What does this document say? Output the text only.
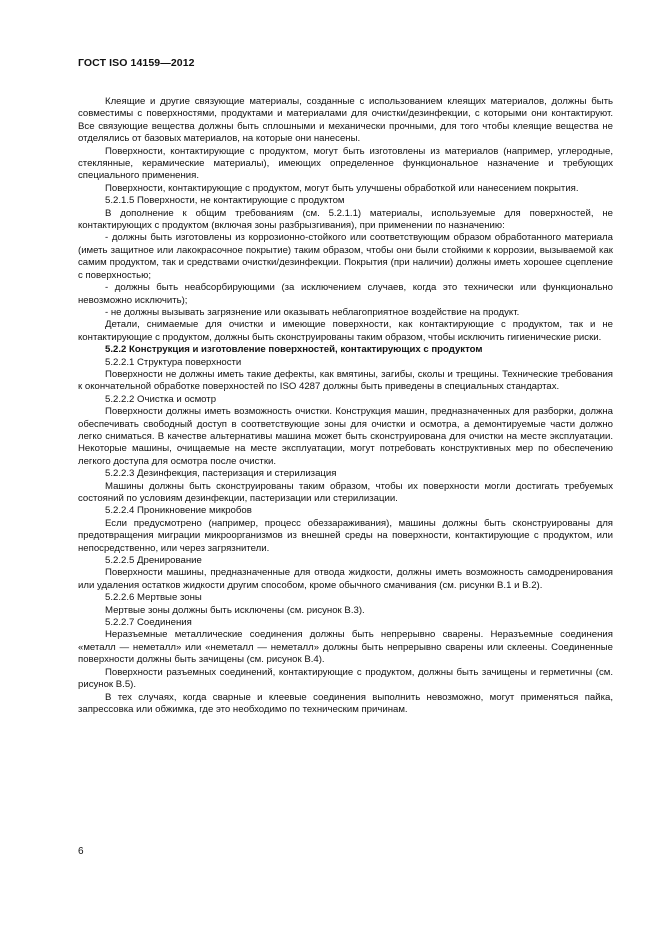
ГОСТ ISO 14159—2012

Клеящие и другие связующие материалы, созданные с использованием клеящих материалов, должны быть совместимы с поверхностями, продуктами и материалами для очистки/дезинфекции, с которыми они контактируют. Все связующие вещества должны быть сплошными и механически прочными, для того чтобы клеящие вещества не отделялись от базовых материалов, на которые они нанесены.

Поверхности, контактирующие с продуктом, могут быть изготовлены из материалов (например, углеродные, стеклянные, керамические материалы), имеющих определенное функциональное назначение и требующих специального применения.

Поверхности, контактирующие с продуктом, могут быть улучшены обработкой или нанесением покрытия.

5.2.1.5 Поверхности, не контактирующие с продуктом

В дополнение к общим требованиям (см. 5.2.1.1) материалы, используемые для поверхностей, не контактирующих с продуктом (включая зоны разбрызгивания), при применении по назначению:

- должны быть изготовлены из коррозионно-стойкого или соответствующим образом обработанного материала (иметь защитное или лакокрасочное покрытие) таким образом, чтобы они были стойкими к коррозии, вызываемой как самим продуктом, так и средствами очистки/дезинфекции. Покрытия (при наличии) должны иметь хорошее сцепление с поверхностью;

- должны быть неабсорбирующими (за исключением случаев, когда это технически или функционально невозможно исключить);

- не должны вызывать загрязнение или оказывать неблагоприятное воздействие на продукт.

Детали, снимаемые для очистки и имеющие поверхности, как контактирующие с продуктом, так и не контактирующие с продуктом, должны быть сконструированы таким образом, чтобы исключить гигиенические риски.

5.2.2 Конструкция и изготовление поверхностей, контактирующих с продуктом

5.2.2.1 Структура поверхности

Поверхности не должны иметь такие дефекты, как вмятины, загибы, сколы и трещины. Технические требования к окончательной обработке поверхностей по ISO 4287 должны быть приведены в специальных стандартах.

5.2.2.2 Очистка и осмотр

Поверхности должны иметь возможность очистки. Конструкция машин, предназначенных для разборки, должна обеспечивать свободный доступ в соответствующие зоны для очистки и осмотра, а демонтируемые части должно легко сниматься. В качестве альтернативы машина может быть сконструирована для очистки на месте эксплуатации. Некоторые машины, очищаемые на месте эксплуатации, могут потребовать конструктивных мер по обеспечению легкого доступа для осмотра после очистки.

5.2.2.3 Дезинфекция, пастеризация и стерилизация

Машины должны быть сконструированы таким образом, чтобы их поверхности могли достигать требуемых состояний по условиям дезинфекции, пастеризации или стерилизации.

5.2.2.4 Проникновение микробов

Если предусмотрено (например, процесс обеззараживания), машины должны быть сконструированы для предотвращения миграции микроорганизмов из внешней среды на поверхности, контактирующие с продуктом, или непосредственно, или через загрязнители.

5.2.2.5 Дренирование

Поверхности машины, предназначенные для отвода жидкости, должны иметь возможность самодренирования или удаления остатков жидкости другим способом, кроме обычного смачивания (см. рисунки В.1 и В.2).

5.2.2.6 Мертвые зоны

Мертвые зоны должны быть исключены (см. рисунок В.3).

5.2.2.7 Соединения

Неразъемные металлические соединения должны быть непрерывно сварены. Неразъемные соединения «металл — неметалл» или «неметалл — неметалл» должны быть непрерывно сварены или склеены. Соединенные поверхности должны быть зачищены (см. рисунок В.4).

Поверхности разъемных соединений, контактирующие с продуктом, должны быть зачищены и герметичны (см. рисунок В.5).

В тех случаях, когда сварные и клеевые соединения выполнить невозможно, могут применяться пайка, запрессовка или обжимка, где это необходимо по техническим причинам.

6
